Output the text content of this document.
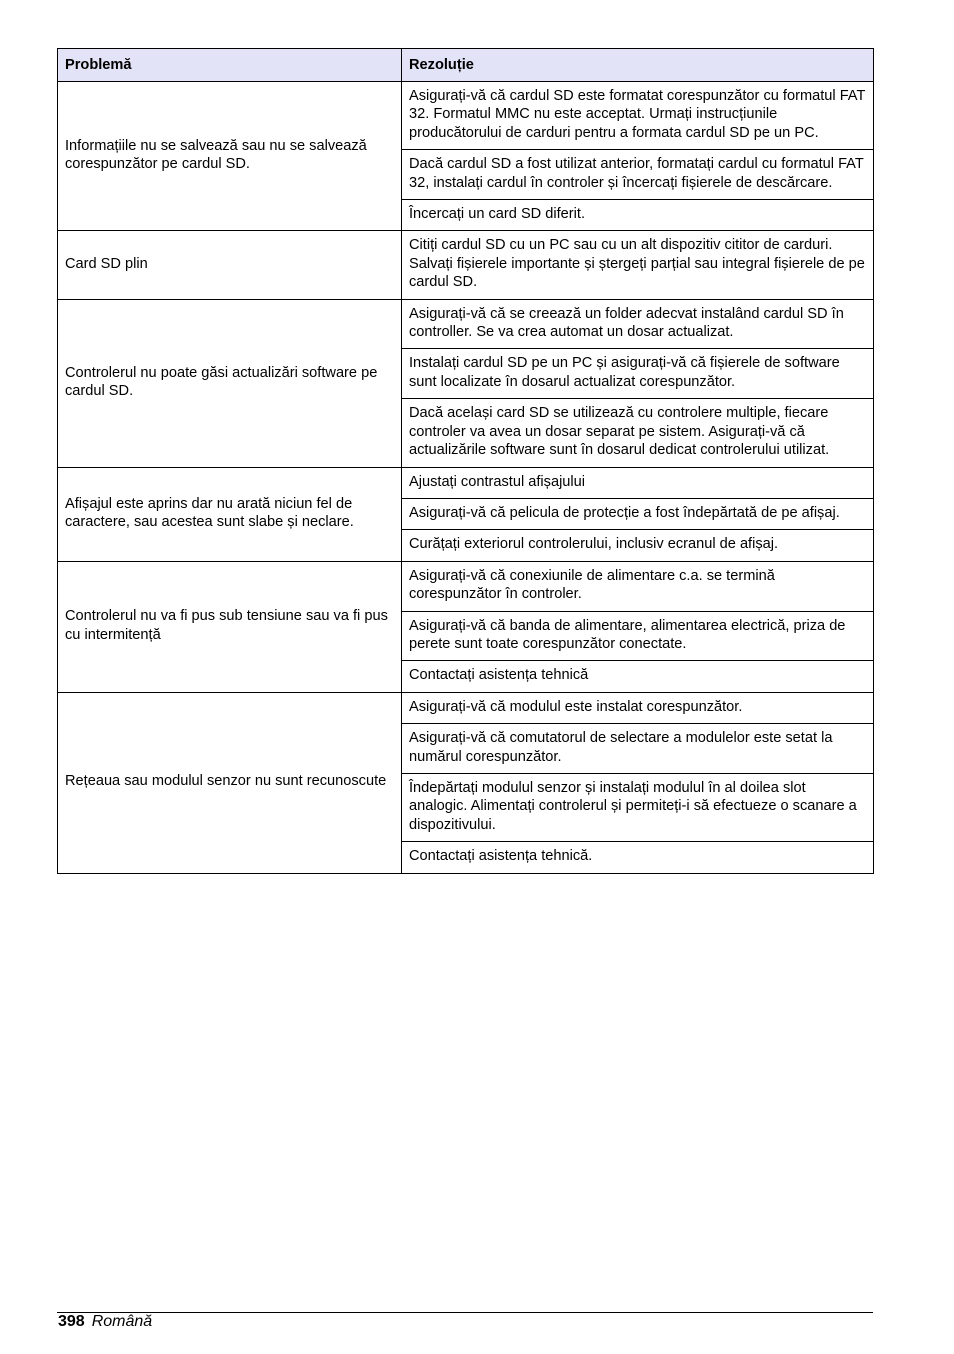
Problemă	Rezoluție
Informațiile nu se salvează sau nu se salvează corespunzător pe cardul SD.	Asigurați-vă că cardul SD este formatat corespunzător cu formatul FAT 32. Formatul MMC nu este acceptat. Urmați instrucțiunile producătorului de carduri pentru a formata cardul SD pe un PC.
	Dacă cardul SD a fost utilizat anterior, formatați cardul cu formatul FAT 32, instalați cardul în controler și încercați fișierele de descărcare.
	Încercați un card SD diferit.
Card SD plin	Citiți cardul SD cu un PC sau cu un alt dispozitiv cititor de carduri. Salvați fișierele importante și ștergeți parțial sau integral fișierele de pe cardul SD.
Controlerul nu poate găsi actualizări software pe cardul SD.	Asigurați-vă că se creează un folder adecvat instalând cardul SD în controller. Se va crea automat un dosar actualizat.
	Instalați cardul SD pe un PC și asigurați-vă că fișierele de software sunt localizate în dosarul actualizat corespunzător.
	Dacă același card SD se utilizează cu controlere multiple, fiecare controler va avea un dosar separat pe sistem. Asigurați-vă că actualizările software sunt în dosarul dedicat controlerului utilizat.
Afișajul este aprins dar nu arată niciun fel de caractere, sau acestea sunt slabe și neclare.	Ajustați contrastul afișajului
	Asigurați-vă că pelicula de protecție a fost îndepărtată de pe afișaj.
	Curățați exteriorul controlerului, inclusiv ecranul de afișaj.
Controlerul nu va fi pus sub tensiune sau va fi pus cu intermitență	Asigurați-vă că conexiunile de alimentare c.a. se termină corespunzător în controler.
	Asigurați-vă că banda de alimentare, alimentarea electrică, priza de perete sunt toate corespunzător conectate.
	Contactați asistența tehnică
Rețeaua sau modulul senzor nu sunt recunoscute	Asigurați-vă că modulul este instalat corespunzător.
	Asigurați-vă că comutatorul de selectare a modulelor este setat la numărul corespunzător.
	Îndepărtați modulul senzor și instalați modulul în al doilea slot analogic. Alimentați controlerul și permiteți-i să efectueze o scanare a dispozitivului.
	Contactați asistența tehnică.
398 Română
